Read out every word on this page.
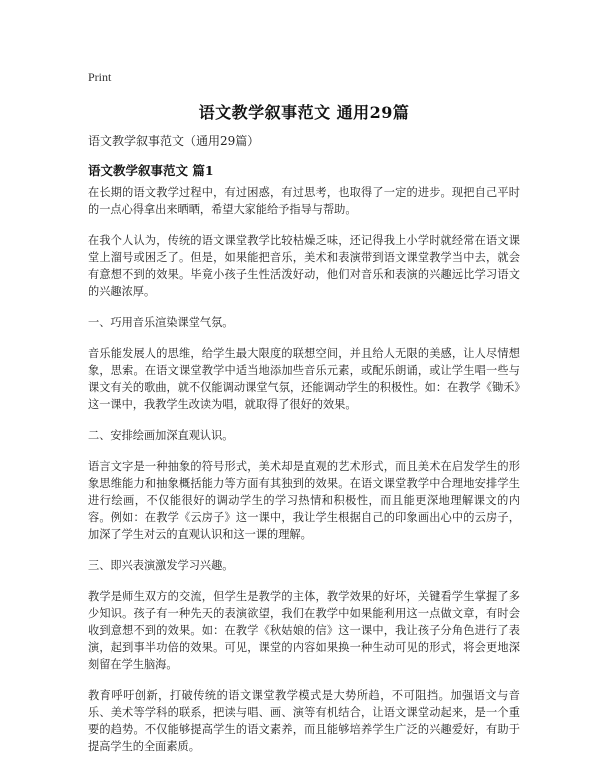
Print
语文教学叙事范文 通用29篇
语文教学叙事范文（通用29篇）
语文教学叙事范文 篇1

在长期的语文教学过程中，有过困惑，有过思考，也取得了一定的进步。现把自己平时的一点心得拿出来晒晒，希望大家能给予指导与帮助。

在我个人认为，传统的语文课堂教学比较枯燥乏味，还记得我上小学时就经常在语文课堂上溜号或困乏了。但是，如果能把音乐，美术和表演带到语文课堂教学当中去，就会有意想不到的效果。毕竟小孩子生性活泼好动，他们对音乐和表演的兴趣远比学习语文的兴趣浓厚。

一、巧用音乐渲染课堂气氛。

音乐能发展人的思维，给学生最大限度的联想空间，并且给人无限的美感，让人尽情想象，思索。在语文课堂教学中适当地添加些音乐元素，或配乐朗诵，或让学生唱一些与课文有关的歌曲，就不仅能调动课堂气氛，还能调动学生的积极性。如：在教学《锄禾》这一课中，我教学生改读为唱，就取得了很好的效果。

二、安排绘画加深直观认识。

语言文字是一种抽象的符号形式，美术却是直观的艺术形式，而且美术在启发学生的形象思维能力和抽象概括能力等方面有其独到的效果。在语文课堂教学中合理地安排学生进行绘画，不仅能很好的调动学生的学习热情和积极性，而且能更深地理解课文的内容。例如：在教学《云房子》这一课中，我让学生根据自己的印象画出心中的云房子，加深了学生对云的直观认识和这一课的理解。

三、即兴表演激发学习兴趣。

教学是师生双方的交流，但学生是教学的主体，教学效果的好坏，关键看学生掌握了多少知识。孩子有一种先天的表演欲望，我们在教学中如果能利用这一点做文章，有时会收到意想不到的效果。如：在教学《秋姑娘的信》这一课中，我让孩子分角色进行了表演，起到事半功倍的效果。可见，课堂的内容如果换一种生动可见的形式，将会更地深刻留在学生脑海。

教育呼吁创新，打破传统的语文课堂教学模式是大势所趋，不可阻挡。加强语文与音乐、美术等学科的联系，把读与唱、画、演等有机结合，让语文课堂动起来，是一个重要的趋势。不仅能够提高学生的语文素养，而且能够培养学生广泛的兴趣爱好，有助于提高学生的全面素质。
